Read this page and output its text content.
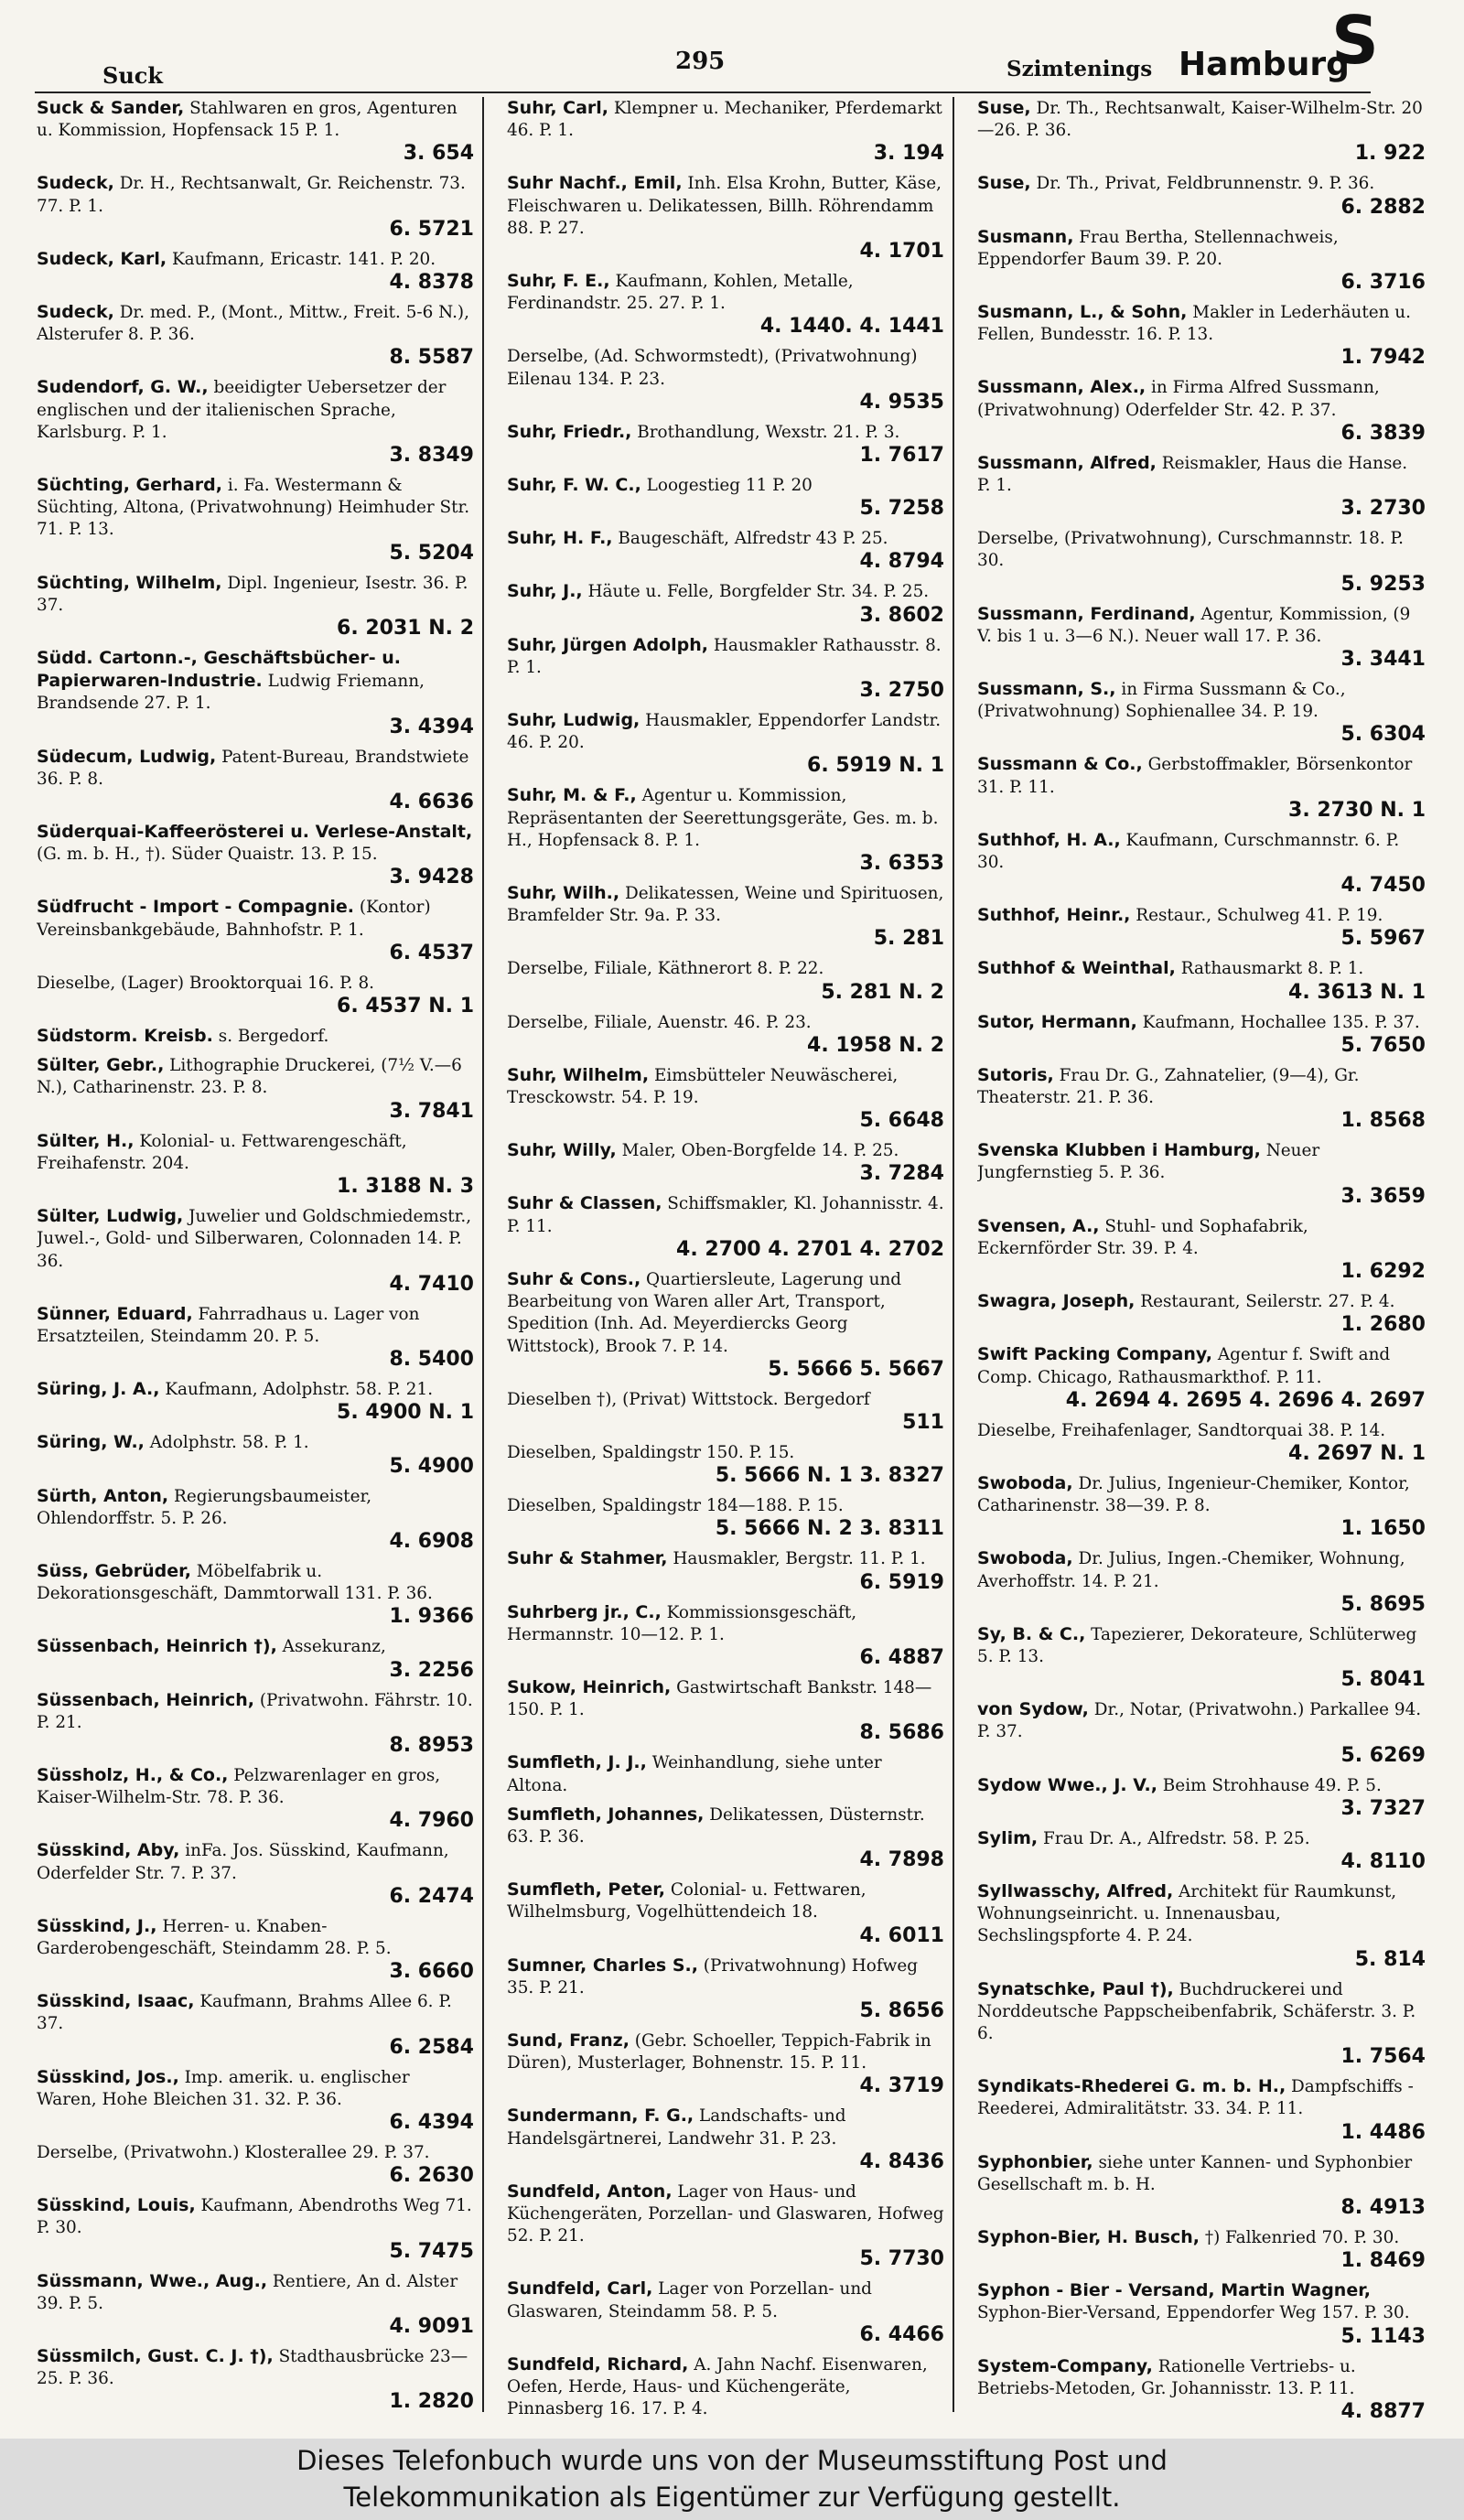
Suck
295	Szimtenings Hamburg
S
Suck & Sander, Stahlwaren en gros, Agenturen u. Kommission, Hopfensack 15 P. 1.
3. 654
Sudeck, Dr. H., Rechtsanwalt, Gr. Reichenstr. 73. 77. P. 1.
6. 5721
Sudeck, Karl, Kaufmann, Ericastr. 141. P. 20.
4. 8378
Sudeck, Dr. med. P., (Mont., Mittw., Freit. 5-6 N.), Alsterufer 8. P. 36.
8. 5587
Sudendorf, G. W., beeidigter Uebersetzer der englischen und der italienischen Sprache, Karlsburg. P. 1.
3. 8349
Süchting, Gerhard, i. Fa. Westermann & Süchting, Altona, (Privatwohnung) Heimhuder Str. 71. P. 13.
5. 5204
Süchting, Wilhelm, Dipl. Ingenieur, Isestr. 36. P. 37.
6. 2031 N. 2
Südd. Cartonn.-, Geschäftsbücher- u. Papierwaren-Industrie. Ludwig Friemann, Brandsende 27. P. 1.
3. 4394
Südecum, Ludwig, Patent-Bureau, Brandstwiete 36. P. 8.
4. 6636
Süderquai-Kaffeerösterei u. Verlese-Anstalt, (G. m. b. H., †). Süder Quaistr. 13. P. 15.
3. 9428
Südfrucht - Import - Compagnie. (Kontor) Vereinsbankgebäude, Bahnhofstr. P. 1.
6. 4537
Dieselbe, (Lager) Brooktorquai 16. P. 8.
6. 4537 N. 1
Südstorm. Kreisb. s. Bergedorf.
Sülter, Gebr., Lithographie Druckerei, (7½ V.—6 N.), Catharinenstr. 23. P. 8.
3. 7841
Sülter, H., Kolonial- u. Fettwarengeschäft, Freihafenstr. 204.
1. 3188 N. 3
Sülter, Ludwig, Juwelier und Goldschmiedemstr., Juwel.-, Gold- und Silberwaren, Colonnaden 14. P. 36.
4. 7410
Sünner, Eduard, Fahrradhaus u. Lager von Ersatzteilen, Steindamm 20. P. 5.
8. 5400
Süring, J. A., Kaufmann, Adolphstr. 58. P. 21.
5. 4900 N. 1
Süring, W., Adolphstr. 58. P. 1.
5. 4900
Sürth, Anton, Regierungsbaumeister, Ohlendorffstr. 5. P. 26.
4. 6908
Süss, Gebrüder, Möbelfabrik u. Dekorationsgeschäft, Dammtorwall 131. P. 36.
1. 9366
Süssenbach, Heinrich †), Assekuranz,
3. 2256
Süssenbach, Heinrich, (Privatwohn. Fährstr. 10. P. 21.
8. 8953
Süssholz, H., & Co., Pelzwarenlager en gros, Kaiser-Wilhelm-Str. 78. P. 36.
4. 7960
Süsskind, Aby, inFa. Jos. Süsskind, Kaufmann, Oderfelder Str. 7. P. 37.
6. 2474
Süsskind, J., Herren- u. Knaben-Garderobengeschäft, Steindamm 28. P. 5.
3. 6660
Süsskind, Isaac, Kaufmann, Brahms Allee 6. P. 37.
6. 2584
Süsskind, Jos., Imp. amerik. u. englischer Waren, Hohe Bleichen 31. 32. P. 36.
6. 4394
Derselbe, (Privatwohn.) Klosterallee 29. P. 37.
6. 2630
Süsskind, Louis, Kaufmann, Abendroths Weg 71. P. 30.
5. 7475
Süssmann, Wwe., Aug., Rentiere, An d. Alster 39. P. 5.
4. 9091
Süssmilch, Gust. C. J. †), Stadthausbrücke 23—25. P. 36.
1. 2820
Suhr, Carl, Klempner u. Mechaniker, Pferdemarkt 46. P. 1.
3. 194
Suhr Nachf., Emil, Inh. Elsa Krohn, Butter, Käse, Fleischwaren u. Delikatessen, Billh. Röhrendamm 88. P. 27.
4. 1701
Suhr, F. E., Kaufmann, Kohlen, Metalle, Ferdinandstr. 25. 27. P. 1.
4. 1440. 4. 1441
Derselbe, (Ad. Schwormstedt), (Privatwohnung) Eilenau 134. P. 23.
4. 9535
Suhr, Friedr., Brothandlung, Wexstr. 21. P. 3.
1. 7617
Suhr, F. W. C., Loogestieg 11 P. 20
5. 7258
Suhr, H. F., Baugeschäft, Alfredstr 43 P. 25.
4. 8794
Suhr, J., Häute u. Felle, Borgfelder Str. 34. P. 25.
3. 8602
Suhr, Jürgen Adolph, Hausmakler Rathausstr. 8. P. 1.
3. 2750
Suhr, Ludwig, Hausmakler, Eppendorfer Landstr. 46. P. 20.
6. 5919 N. 1
Suhr, M. & F., Agentur u. Kommission, Repräsentanten der Seerettungsgeräte, Ges. m. b. H., Hopfensack 8. P. 1.
3. 6353
Suhr, Wilh., Delikatessen, Weine und Spirituosen, Bramfelder Str. 9a. P. 33.
5. 281
Derselbe, Filiale, Käthnerort 8. P. 22.
5. 281 N. 2
Derselbe, Filiale, Auenstr. 46. P. 23.
4. 1958 N. 2
Suhr, Wilhelm, Eimsbütteler Neuwäscherei, Tresckowstr. 54. P. 19.
5. 6648
Suhr, Willy, Maler, Oben-Borgfelde 14. P. 25.
3. 7284
Suhr & Classen, Schiffsmakler, Kl. Johannisstr. 4. P. 11.
4. 2700 4. 2701 4. 2702
Suhr & Cons., Quartiersleute, Lagerung und Bearbeitung von Waren aller Art, Transport, Spedition (Inh. Ad. Meyerdiercks Georg Wittstock), Brook 7. P. 14.
5. 5666 5. 5667
Dieselben †), (Privat) Wittstock. Bergedorf
511
Dieselben, Spaldingstr 150. P. 15.
5. 5666 N. 1 3. 8327
Dieselben, Spaldingstr 184—188. P. 15.
5. 5666 N. 2 3. 8311
Suhr & Stahmer, Hausmakler, Bergstr. 11. P. 1.
6. 5919
Suhrberg jr., C., Kommissionsgeschäft, Hermannstr. 10—12. P. 1.
6. 4887
Sukow, Heinrich, Gastwirtschaft Bankstr. 148—150. P. 1.
8. 5686
Sumfleth, J. J., Weinhandlung, siehe unter Altona.
Sumfleth, Johannes, Delikatessen, Düsternstr. 63. P. 36.
4. 7898
Sumfleth, Peter, Colonial- u. Fettwaren, Wilhelmsburg, Vogelhüttendeich 18.
4. 6011
Sumner, Charles S., (Privatwohnung) Hofweg 35. P. 21.
5. 8656
Sund, Franz, (Gebr. Schoeller, Teppich-Fabrik in Düren), Musterlager, Bohnenstr. 15. P. 11.
4. 3719
Sundermann, F. G., Landschafts- und Handelsgärtnerei, Landwehr 31. P. 23.
4. 8436
Sundfeld, Anton, Lager von Haus- und Küchengeräten, Porzellan- und Glaswaren, Hofweg 52. P. 21.
5. 7730
Sundfeld, Carl, Lager von Porzellan- und Glaswaren, Steindamm 58. P. 5.
6. 4466
Sundfeld, Richard, A. Jahn Nachf. Eisenwaren, Oefen, Herde, Haus- und Küchengeräte, Pinnasberg 16. 17. P. 4.
Suse, Dr. Th., Rechtsanwalt, Kaiser-Wilhelm-Str. 20—26. P. 36.
1. 922
Suse, Dr. Th., Privat, Feldbrunnenstr. 9. P. 36.
6. 2882
Susmann, Frau Bertha, Stellennachweis, Eppendorfer Baum 39. P. 20.
6. 3716
Susmann, L., & Sohn, Makler in Lederhäuten u. Fellen, Bundesstr. 16. P. 13.
1. 7942
Sussmann, Alex., in Firma Alfred Sussmann, (Privatwohnung) Oderfelder Str. 42. P. 37.
6. 3839
Sussmann, Alfred, Reismakler, Haus die Hanse. P. 1.
3. 2730
Derselbe, (Privatwohnung), Curschmannstr. 18. P. 30.
5. 9253
Sussmann, Ferdinand, Agentur, Kommission, (9 V. bis 1 u. 3—6 N.). Neuer wall 17. P. 36.
3. 3441
Sussmann, S., in Firma Sussmann & Co., (Privatwohnung) Sophienallee 34. P. 19.
5. 6304
Sussmann & Co., Gerbstoffmakler, Börsenkontor 31. P. 11.
3. 2730 N. 1
Suthhof, H. A., Kaufmann, Curschmannstr. 6. P. 30.
4. 7450
Suthhof, Heinr., Restaur., Schulweg 41. P. 19.
5. 5967
Suthhof & Weinthal, Rathausmarkt 8. P. 1.
4. 3613 N. 1
Sutor, Hermann, Kaufmann, Hochallee 135. P. 37.
5. 7650
Sutoris, Frau Dr. G., Zahnatelier, (9—4), Gr. Theaterstr. 21. P. 36.
1. 8568
Svenska Klubben i Hamburg, Neuer Jungfernstieg 5. P. 36.
3. 3659
Svensen, A., Stuhl- und Sophafabrik, Eckernförder Str. 39. P. 4.
1. 6292
Swagra, Joseph, Restaurant, Seilerstr. 27. P. 4.
1. 2680
Swift Packing Company, Agentur f. Swift and Comp. Chicago, Rathausmarkthof. P. 11.
4. 2694 4. 2695 4. 2696 4. 2697
Dieselbe, Freihafenlager, Sandtorquai 38. P. 14.
4. 2697 N. 1
Swoboda, Dr. Julius, Ingenieur-Chemiker, Kontor, Catharinenstr. 38—39. P. 8.
1. 1650
Swoboda, Dr. Julius, Ingen.-Chemiker, Wohnung, Averhoffstr. 14. P. 21.
5. 8695
Sy, B. & C., Tapezierer, Dekorateure, Schlüterweg 5. P. 13.
5. 8041
von Sydow, Dr., Notar, (Privatwohn.) Parkallee 94. P. 37.
5. 6269
Sydow Wwe., J. V., Beim Strohhause 49. P. 5.
3. 7327
Sylim, Frau Dr. A., Alfredstr. 58. P. 25.
4. 8110
Syllwasschy, Alfred, Architekt für Raumkunst, Wohnungseinricht. u. Innenausbau, Sechslingspforte 4. P. 24.
5. 814
Synatschke, Paul †), Buchdruckerei und Norddeutsche Pappscheibenfabrik, Schäferstr. 3. P. 6.
1. 7564
Syndikats-Rhederei G. m. b. H., Dampfschiffs - Reederei, Admiralitätstr. 33. 34. P. 11.
1. 4486
Syphonbier, siehe unter Kannen- und Syphonbier Gesellschaft m. b. H.
8. 4913
Syphon-Bier, H. Busch, †) Falkenried 70. P. 30.
1. 8469
Syphon - Bier - Versand, Martin Wagner, Syphon-Bier-Versand, Eppendorfer Weg 157. P. 30.
5. 1143
System-Company, Rationelle Vertriebs- u. Betriebs-Metoden, Gr. Johannisstr. 13. P. 11.
4. 8877
Dieses Telefonbuch wurde uns von der Museumsstiftung Post und
Telekommunikation als Eigentümer zur Verfügung gestellt.
